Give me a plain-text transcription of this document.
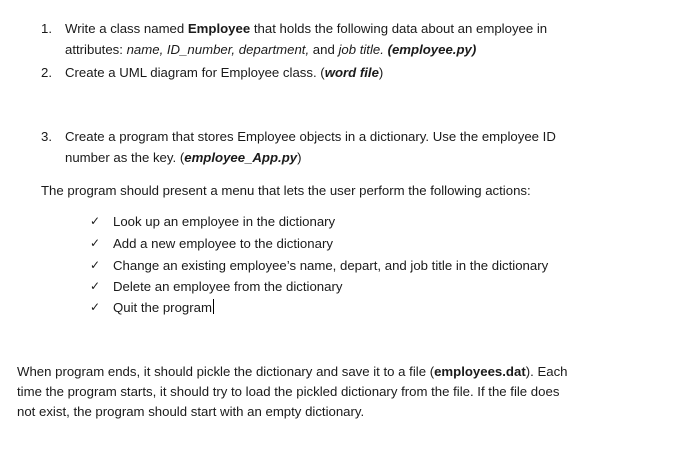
1. Write a class named Employee that holds the following data about an employee in
attributes: name, ID_number, department, and job title. (employee.py)
2. Create a UML diagram for Employee class. (word file)
3. Create a program that stores Employee objects in a dictionary. Use the employee ID
number as the key. (employee_App.py)
The program should present a menu that lets the user perform the following actions:
✓ Look up an employee in the dictionary
✓ Add a new employee to the dictionary
✓ Change an existing employee’s name, depart, and job title in the dictionary
✓ Delete an employee from the dictionary
✓ Quit the program
When program ends, it should pickle the dictionary and save it to a file (employees.dat). Each
time the program starts, it should try to load the pickled dictionary from the file. If the file does
not exist, the program should start with an empty dictionary.
